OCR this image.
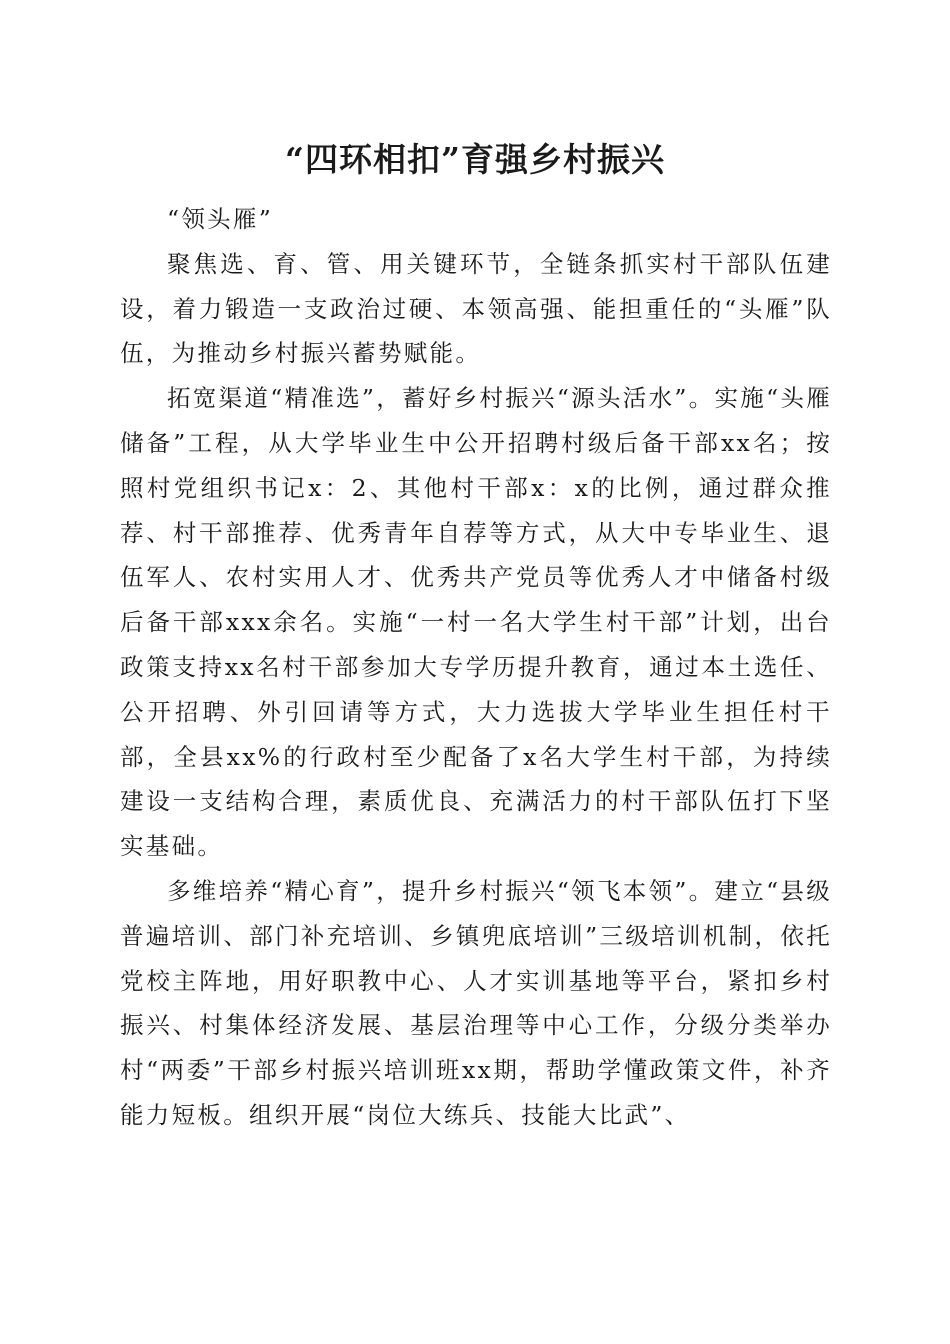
“四环相扣”育强乡村振兴

“领头雁”

聚焦选、育、管、用关键环节，全链条抓实村干部队伍建设，着力锻造一支政治过硬、本领高强、能担重任的“头雁”队伍，为推动乡村振兴蓄势赋能。

拓宽渠道“精准选”，蓄好乡村振兴“源头活水”。实施“头雁储备”工程，从大学毕业生中公开招聘村级后备干部xx名；按照村党组织书记x：2、其他村干部x：x的比例，通过群众推荐、村干部推荐、优秀青年自荐等方式，从大中专毕业生、退伍军人、农村实用人才、优秀共产党员等优秀人才中储备村级后备干部xxx余名。实施“一村一名大学生村干部”计划，出台政策支持xx名村干部参加大专学历提升教育，通过本土选任、公开招聘、外引回请等方式，大力选拔大学毕业生担任村干部，全县xx%的行政村至少配备了x名大学生村干部，为持续建设一支结构合理，素质优良、充满活力的村干部队伍打下坚实基础。

多维培养“精心育”，提升乡村振兴“领飞本领”。建立“县级普遍培训、部门补充培训、乡镇兜底培训”三级培训机制，依托党校主阵地，用好职教中心、人才实训基地等平台，紧扣乡村振兴、村集体经济发展、基层治理等中心工作，分级分类举办村“两委”干部乡村振兴培训班xx期，帮助学懂政策文件，补齐能力短板。组织开展“岗位大练兵、技能大比武”、
